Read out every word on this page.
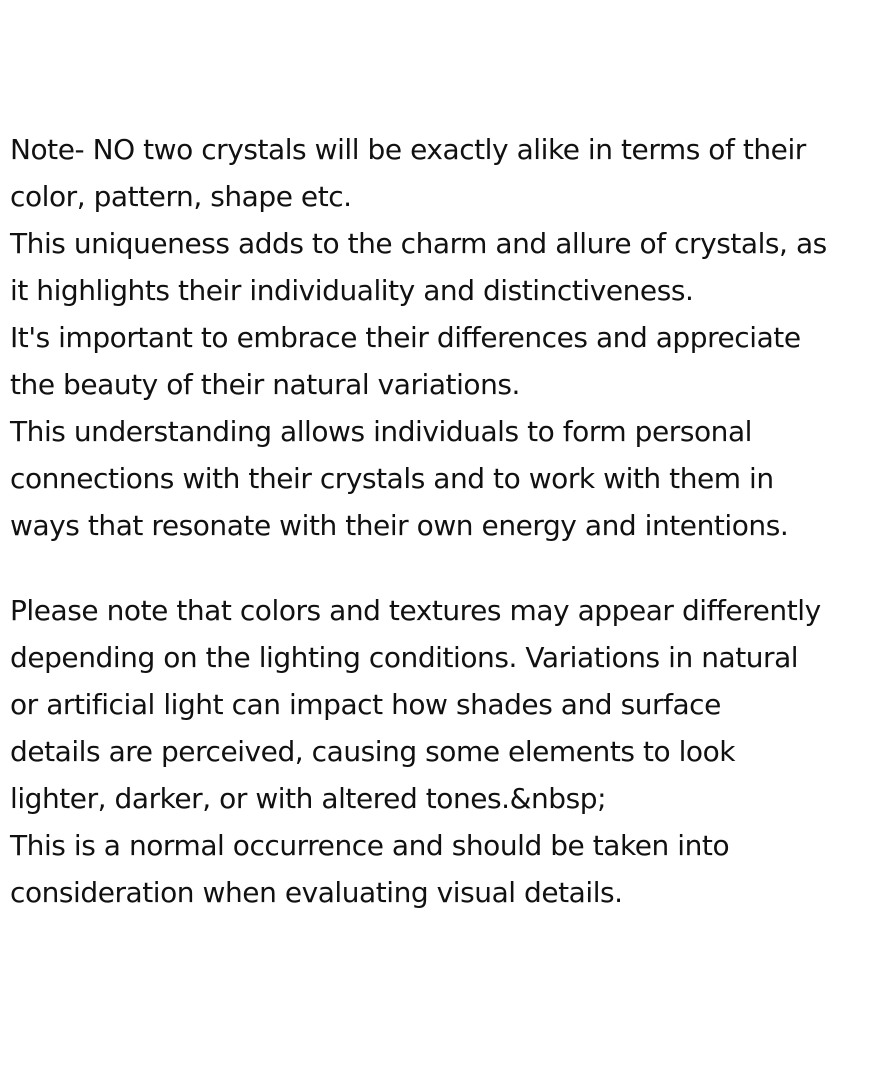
Note- NO two crystals will be exactly alike in terms of their
color, pattern, shape etc.
This uniqueness adds to the charm and allure of crystals, as
it highlights their individuality and distinctiveness.
It's important to embrace their differences and appreciate
the beauty of their natural variations.
This understanding allows individuals to form personal
connections with their crystals and to work with them in
ways that resonate with their own energy and intentions.

Please note that colors and textures may appear differently
depending on the lighting conditions. Variations in natural
or artificial light can impact how shades and surface
details are perceived, causing some elements to look
lighter, darker, or with altered tones.&nbsp;
This is a normal occurrence and should be taken into
consideration when evaluating visual details.
